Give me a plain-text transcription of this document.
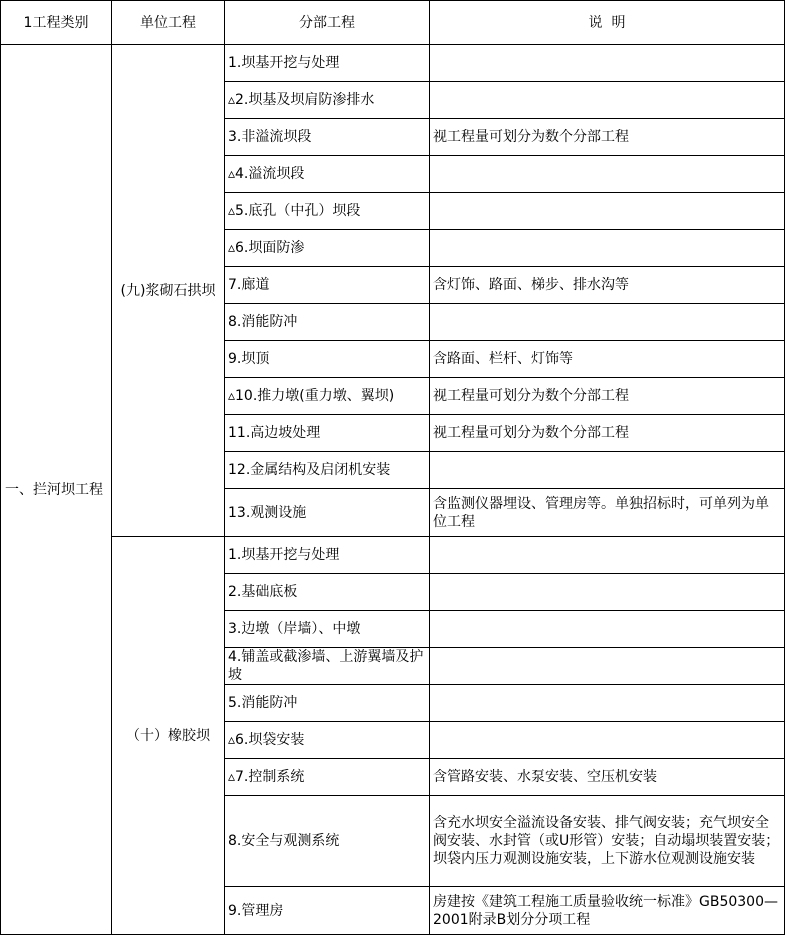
1工程类别	单位工程	分部工程	说  明
一、拦河坝工程	(九)浆砌石拱坝	1.坝基开挖与处理	
		▵2.坝基及坝肩防渗排水	
		3.非溢流坝段	视工程量可划分为数个分部工程
		▵4.溢流坝段	
		▵5.底孔（中孔）坝段	
		▵6.坝面防渗	
		7.廊道	含灯饰、路面、梯步、排水沟等
		8.消能防冲	
		9.坝顶	含路面、栏杆、灯饰等
		▵10.推力墩(重力墩、翼坝)	视工程量可划分为数个分部工程
		11.高边坡处理	视工程量可划分为数个分部工程
		12.金属结构及启闭机安装	
		13.观测设施	含监测仪器埋设、管理房等。单独招标时，可单列为单位工程
	（十）橡胶坝	1.坝基开挖与处理	
		2.基础底板	
		3.边墩（岸墙）、中墩	

		4.铺盖或截渗墙、上游翼墙及护坡	

		5.消能防冲	
		▵6.坝袋安装	
		▵7.控制系统	含管路安装、水泵安装、空压机安装
		8.安全与观测系统	含充水坝安全溢流设备安装、排气阀安装；充气坝安全阀安装、水封管（或U形管）安装；自动塌坝装置安装；坝袋内压力观测设施安装，上下游水位观测设施安装
		9.管理房	房建按《建筑工程施工质量验收统一标准》GB50300—2001附录B划分分项工程
